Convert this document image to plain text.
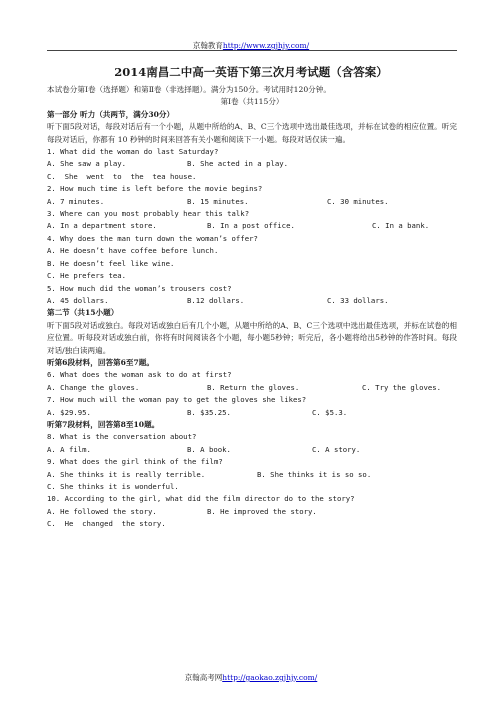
京翰教育http://www.zgjhjy.com/
2014南昌二中高一英语下第三次月考试题（含答案）

本试卷分第Ⅰ卷（选择题）和第Ⅱ卷（非选择题）。满分为150分。考试用时120分钟。

第Ⅰ卷（共115分）

第一部分 听力（共两节，满分30分）

听下面5段对话，每段对话后有一个小题，从题中所给的A、B、C三个选项中选出最佳选项，并标在试卷的相应位置。听完每段对话后，你都有 10 秒钟的时间来回答有关小题和阅读下一小题。每段对话仅读一遍。

1. What did the woman do last Saturday?

A. She saw a play.	B. She acted in a play.

C.  She  went  to  the  tea house.

2. How much time is left before the movie begins?

A. 7 minutes.	B. 15 minutes.	C. 30 minutes.

3. Where can you most probably hear this talk?

A. In a department store.	B. In a post office.	C. In a bank.

4. Why does the man turn down the woman’s offer?

A. He doesn’t have coffee before lunch.

B. He doesn’t feel like wine.

C. He prefers tea.

5. How much did the woman’s trousers cost?

A. 45 dollars.	B.12 dollars.	C. 33 dollars.

第二节（共15小题）

听下面5段对话或独白。每段对话或独白后有几个小题，从题中所给的A、B、C三个选项中选出最佳选项，并标在试卷的相应位置。听每段对话或独白前，你将有时间阅读各个小题，每小题5秒钟；听完后，各小题将给出5秒钟的作答时间。每段对话/独白读两遍。

听第6段材料，回答第6至7题。

6. What does the woman ask to do at first?

A. Change the gloves.	B. Return the gloves.	C. Try the gloves.

7. How much will the woman pay to get the gloves she likes?

A. $29.95.	B. $35.25.	C. $5.3.

听第7段材料，回答第8至10题。

8. What is the conversation about?

A. A film.	B. A book.	C. A story.

9. What does the girl think of the film?

A. She thinks it is really terrible.	B. She thinks it is so so.

C. She thinks it is wonderful.

10. According to the girl, what did the film director do to the story?

A. He followed the story.	B. He improved the story.

C.  He  changed  the story.

京翰高考网http://gaokao.zgjhjy.com/
